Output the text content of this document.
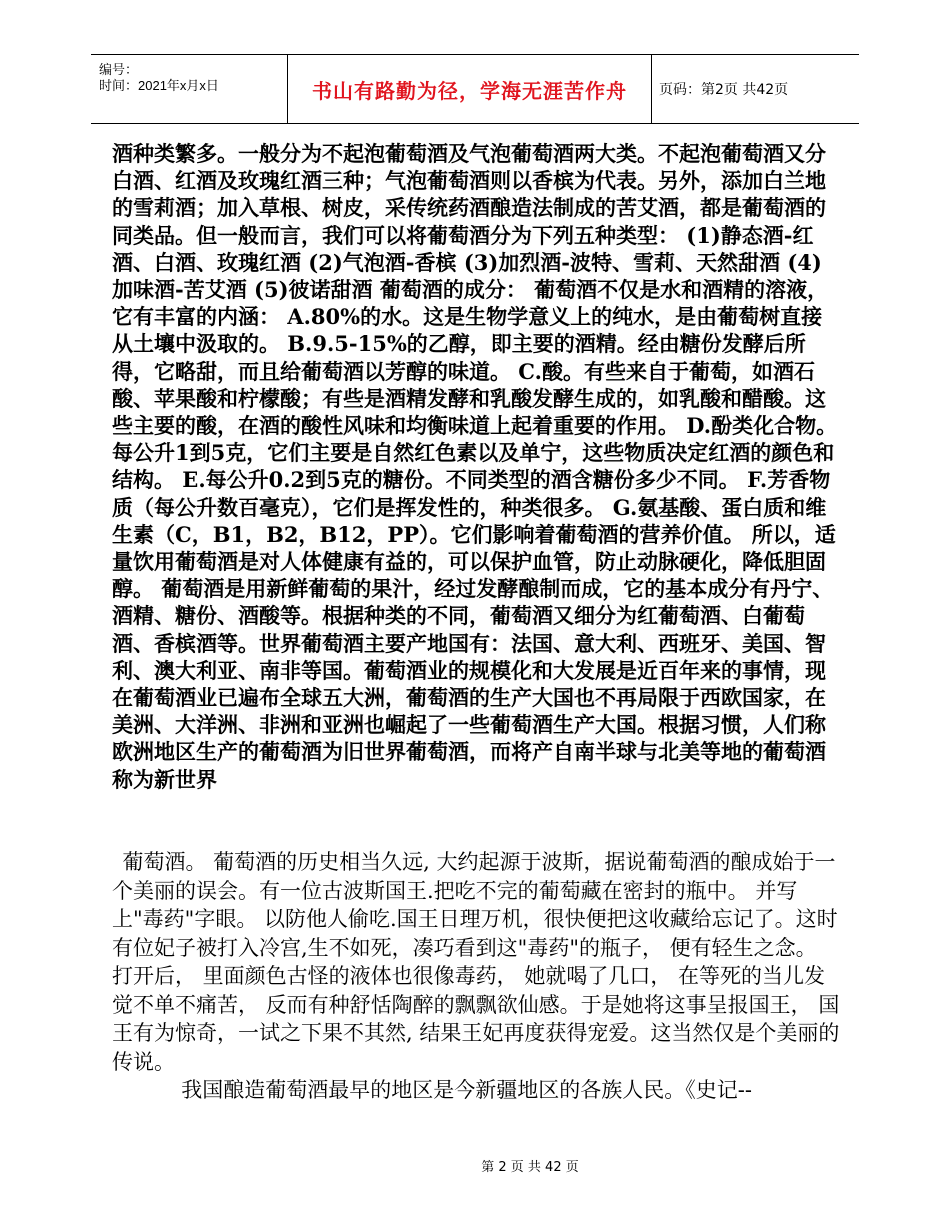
编号：
时间：2021年x月x日	书山有路勤为径，学海无涯苦作舟	页码：第2页 共42页

酒种类繁多。一般分为不起泡葡萄酒及气泡葡萄酒两大类。不起泡葡萄酒又分白酒、红酒及玫瑰红酒三种；气泡葡萄酒则以香槟为代表。另外，添加白兰地的雪莉酒；加入草根、树皮，采传统药酒酿造法制成的苦艾酒，都是葡萄酒的同类品。但一般而言，我们可以将葡萄酒分为下列五种类型： (1)静态酒-红酒、白酒、玫瑰红酒 (2)气泡酒-香槟 (3)加烈酒-波特、雪莉、天然甜酒 (4)加味酒-苦艾酒 (5)彼诺甜酒 葡萄酒的成分： 葡萄酒不仅是水和酒精的溶液，它有丰富的内涵： A.80%的水。这是生物学意义上的纯水，是由葡萄树直接从土壤中汲取的。 B.9.5-15%的乙醇，即主要的酒精。经由糖份发酵后所得，它略甜，而且给葡萄酒以芳醇的味道。 C.酸。有些来自于葡萄，如酒石酸、苹果酸和柠檬酸；有些是酒精发酵和乳酸发酵生成的，如乳酸和醋酸。这些主要的酸，在酒的酸性风味和均衡味道上起着重要的作用。 D.酚类化合物。每公升1到5克，它们主要是自然红色素以及单宁，这些物质决定红酒的颜色和结构。 E.每公升0.2到5克的糖份。不同类型的酒含糖份多少不同。 F.芳香物质（每公升数百毫克），它们是挥发性的，种类很多。 G.氨基酸、蛋白质和维生素（C，B1，B2，B12，PP）。它们影响着葡萄酒的营养价值。 所以，适量饮用葡萄酒是对人体健康有益的，可以保护血管，防止动脉硬化，降低胆固醇。 葡萄酒是用新鲜葡萄的果汁，经过发酵酿制而成，它的基本成分有丹宁、酒精、糖份、酒酸等。根据种类的不同，葡萄酒又细分为红葡萄酒、白葡萄酒、香槟酒等。世界葡萄酒主要产地国有：法国、意大利、西班牙、美国、智利、澳大利亚、南非等国。葡萄酒业的规模化和大发展是近百年来的事情，现在葡萄酒业已遍布全球五大洲，葡萄酒的生产大国也不再局限于西欧国家，在美洲、大洋洲、非洲和亚洲也崛起了一些葡萄酒生产大国。根据习惯，人们称欧洲地区生产的葡萄酒为旧世界葡萄酒，而将产自南半球与北美等地的葡萄酒称为新世界

葡萄酒。 葡萄酒的历史相当久远, 大约起源于波斯，据说葡萄酒的酿成始于一个美丽的误会。有一位古波斯国王.把吃不完的葡萄藏在密封的瓶中。 并写上"毒药"字眼。 以防他人偷吃.国王日理万机，很快便把这收藏给忘记了。这时有位妃子被打入冷宫,生不如死，凑巧看到这"毒药"的瓶子， 便有轻生之念。 打开后， 里面颜色古怪的液体也很像毒药， 她就喝了几口， 在等死的当儿发觉不单不痛苦， 反而有种舒恬陶醉的飘飘欲仙感。于是她将这事呈报国王， 国王有为惊奇，一试之下果不其然, 结果王妃再度获得宠爱。这当然仅是个美丽的传说。

我国酿造葡萄酒最早的地区是今新疆地区的各族人民。《史记--

第 2 页 共 42 页
